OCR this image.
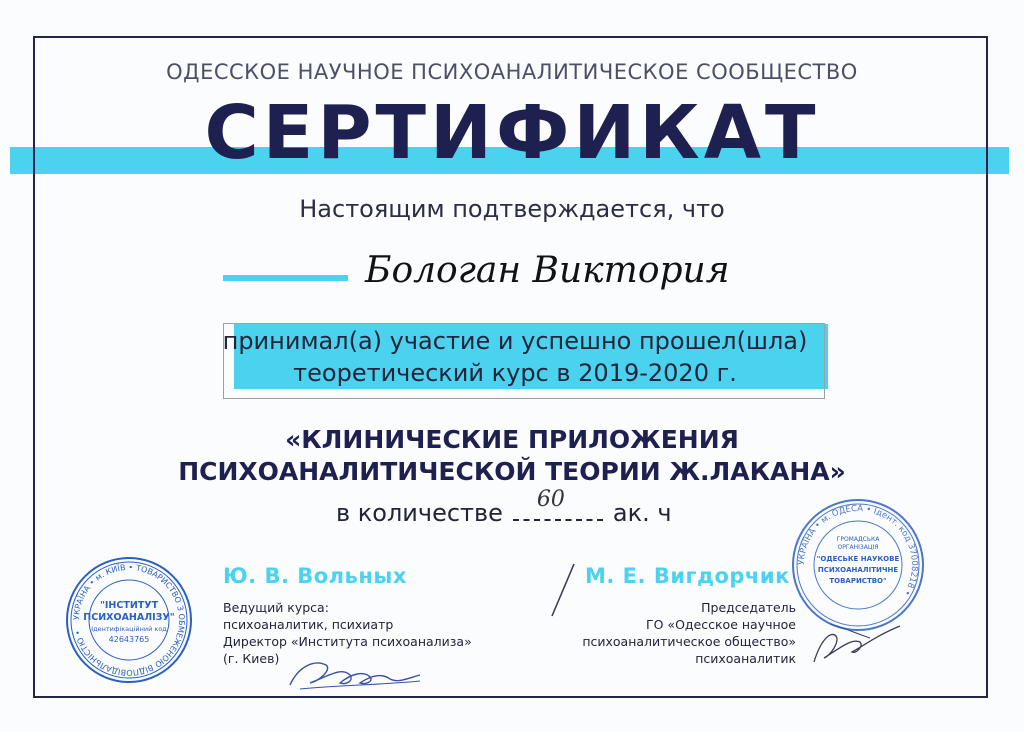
ОДЕССКОЕ НАУЧНОЕ ПСИХОАНАЛИТИЧЕСКОЕ СООБЩЕСТВО
СЕРТИФИКАТ
Настоящим подтверждается, что
Бологан Виктория
принимал(а) участие и успешно прошел(шла)
теоретический курс в 2019-2020 г.
«КЛИНИЧЕСКИЕ ПРИЛОЖЕНИЯ
ПСИХОАНАЛИТИЧЕСКОЙ ТЕОРИИ Ж.ЛАКАНА»
в количестве 60 ак. ч
Ю. В. Вольных
Ведущий курса:
психоаналитик, психиатр
Директор «Института психоанализа»
(г. Киев)
М. Е. Вигдорчик
Председатель
ГО «Одесское научное
психоаналитическое общество»
психоаналитик
УКРАЇНА • м. КИЇВ • ТОВАРИСТВО З ОБМЕЖЕНОЮ ВІДПОВІДАЛЬНІСТЮ •
"ІНСТИТУТ
ПСИХОАНАЛІЗУ"
Ідентифікаційний код
42643765
УКРАЇНА • м. ОДЕСА • Ідент. код 37008218 •
ГРОМАДСЬКА
ОРГАНІЗАЦІЯ
"ОДЕСЬКЕ НАУКОВЕ
ПСИХОАНАЛІТИЧНЕ
ТОВАРИСТВО"
